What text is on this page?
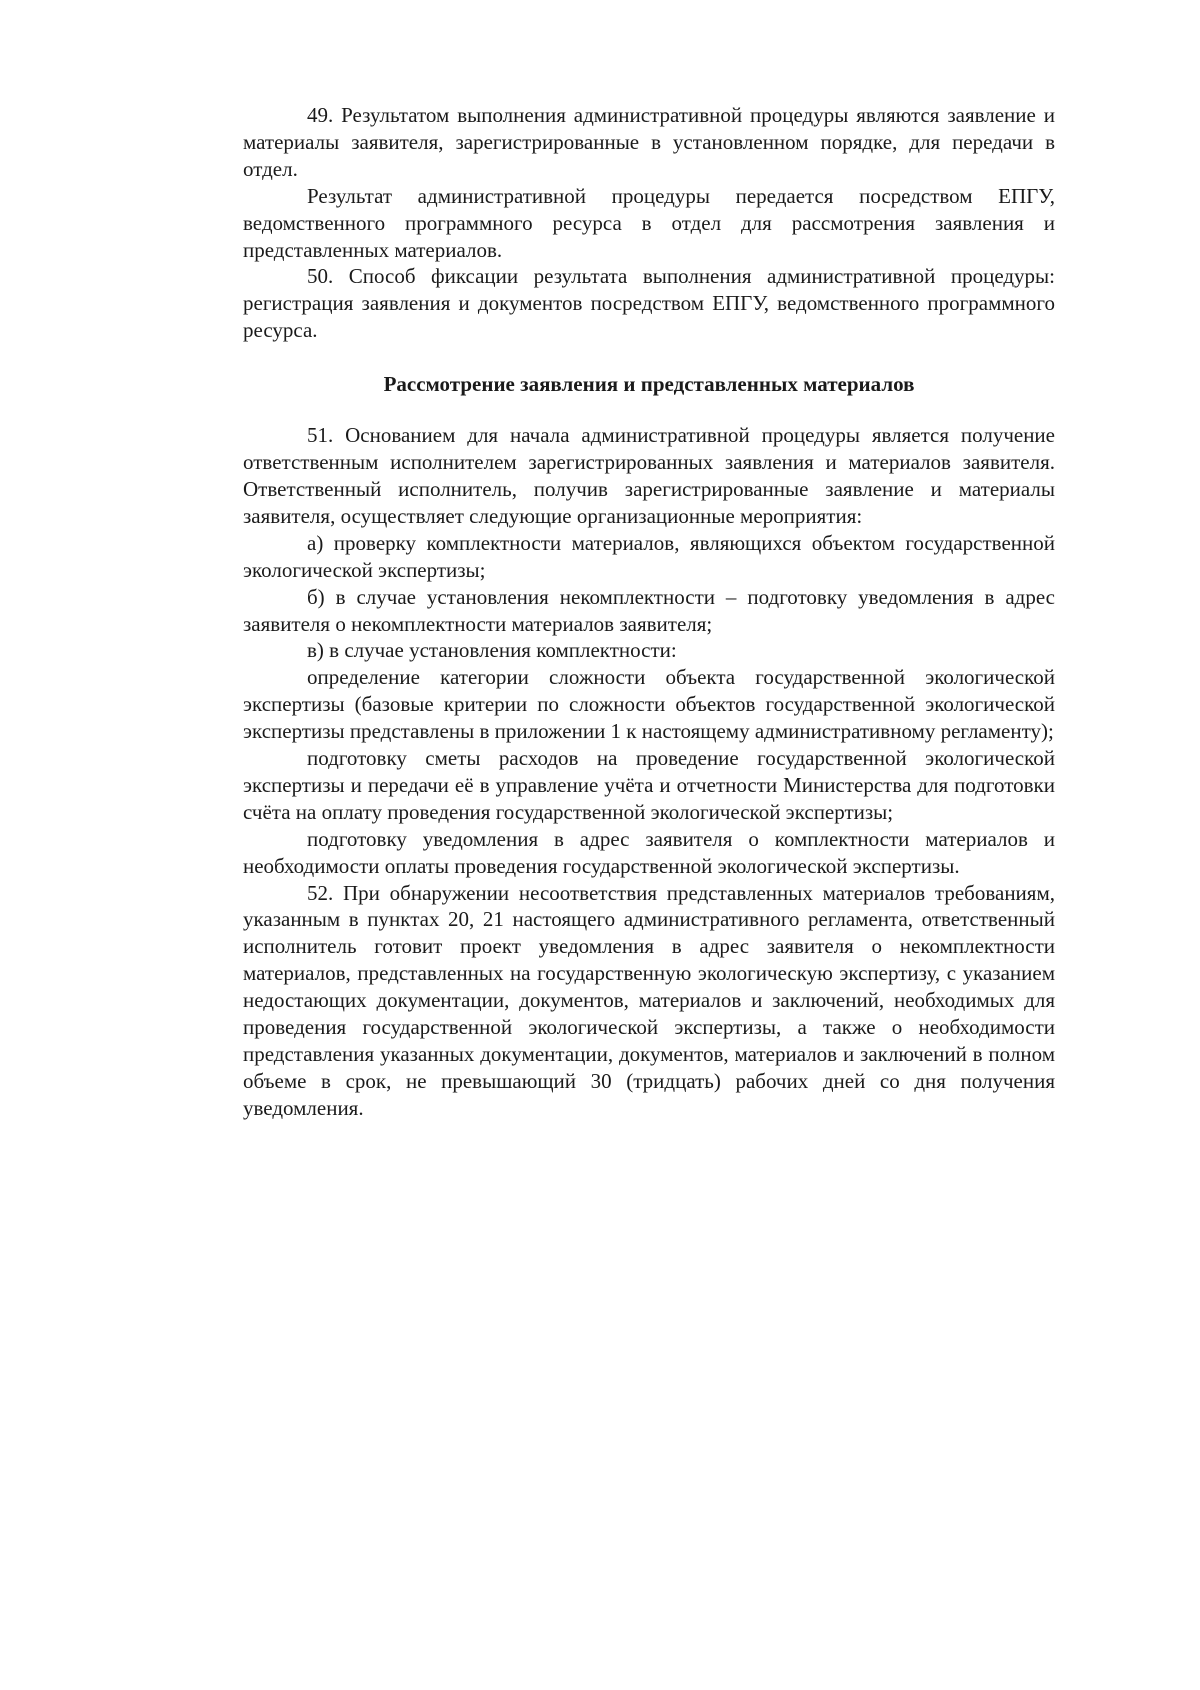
49. Результатом выполнения административной процедуры являются заявление и материалы заявителя, зарегистрированные в установленном порядке, для передачи в отдел.

Результат административной процедуры передается посредством ЕПГУ, ведомственного программного ресурса в отдел для рассмотрения заявления и представленных материалов.

50. Способ фиксации результата выполнения административной процедуры: регистрация заявления и документов посредством ЕПГУ, ведомственного программного ресурса.

Рассмотрение заявления и представленных материалов

51. Основанием для начала административной процедуры является получение ответственным исполнителем зарегистрированных заявления и материалов заявителя. Ответственный исполнитель, получив зарегистрированные заявление и материалы заявителя, осуществляет следующие организационные мероприятия:

а) проверку комплектности материалов, являющихся объектом государственной экологической экспертизы;

б) в случае установления некомплектности – подготовку уведомления в адрес заявителя о некомплектности материалов заявителя;

в) в случае установления комплектности:

определение категории сложности объекта государственной экологической экспертизы (базовые критерии по сложности объектов государственной экологической экспертизы представлены в приложении 1 к настоящему административному регламенту);

подготовку сметы расходов на проведение государственной экологической экспертизы и передачи её в управление учёта и отчетности Министерства для подготовки счёта на оплату проведения государственной экологической экспертизы;

подготовку уведомления в адрес заявителя о комплектности материалов и необходимости оплаты проведения государственной экологической экспертизы.

52. При обнаружении несоответствия представленных материалов требованиям, указанным в пунктах 20, 21 настоящего административного регламента, ответственный исполнитель готовит проект уведомления в адрес заявителя о некомплектности материалов, представленных на государственную экологическую экспертизу, с указанием недостающих документации, документов, материалов и заключений, необходимых для проведения государственной экологической экспертизы, а также о необходимости представления указанных документации, документов, материалов и заключений в полном объеме в срок, не превышающий 30 (тридцать) рабочих дней со дня получения уведомления.
